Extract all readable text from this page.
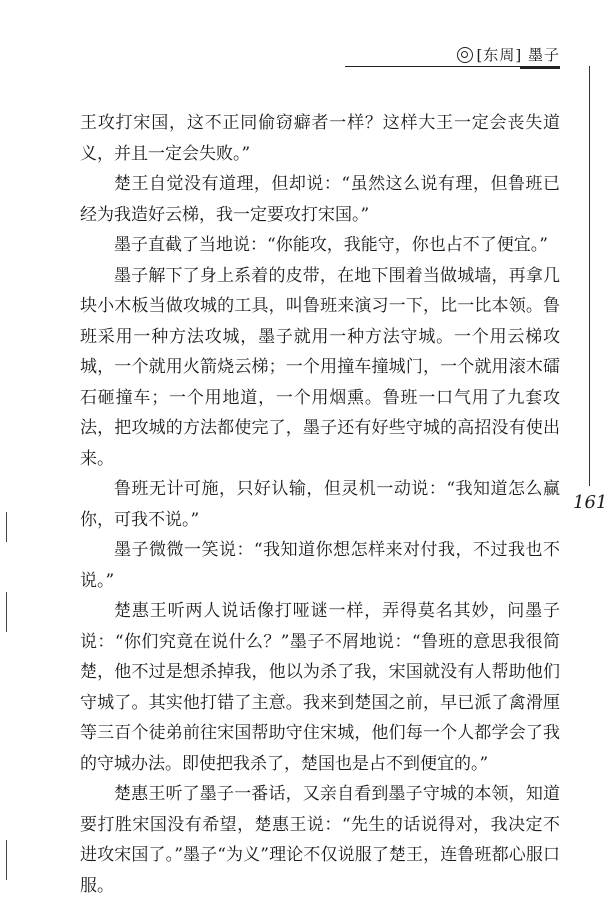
[东周] 墨子
161

王攻打宋国，这不正同偷窃癖者一样？这样大王一定会丧失道义，并且一定会失败。”

楚王自觉没有道理，但却说：“虽然这么说有理，但鲁班已经为我造好云梯，我一定要攻打宋国。”

墨子直截了当地说：“你能攻，我能守，你也占不了便宜。”

墨子解下了身上系着的皮带，在地下围着当做城墙，再拿几块小木板当做攻城的工具，叫鲁班来演习一下，比一比本领。鲁班采用一种方法攻城，墨子就用一种方法守城。一个用云梯攻城，一个就用火箭烧云梯；一个用撞车撞城门，一个就用滚木礌石砸撞车；一个用地道，一个用烟熏。鲁班一口气用了九套攻法，把攻城的方法都使完了，墨子还有好些守城的高招没有使出来。

鲁班无计可施，只好认输，但灵机一动说：“我知道怎么赢你，可我不说。”

墨子微微一笑说：“我知道你想怎样来对付我，不过我也不说。”

楚惠王听两人说话像打哑谜一样，弄得莫名其妙，问墨子说：“你们究竟在说什么？”墨子不屑地说：“鲁班的意思我很简楚，他不过是想杀掉我，他以为杀了我，宋国就没有人帮助他们守城了。其实他打错了主意。我来到楚国之前，早已派了禽滑厘等三百个徒弟前往宋国帮助守住宋城，他们每一个人都学会了我的守城办法。即使把我杀了，楚国也是占不到便宜的。”

楚惠王听了墨子一番话，又亲自看到墨子守城的本领，知道要打胜宋国没有希望，楚惠王说：“先生的话说得对，我决定不进攻宋国了。”墨子“为义”理论不仅说服了楚王，连鲁班都心服口服。
